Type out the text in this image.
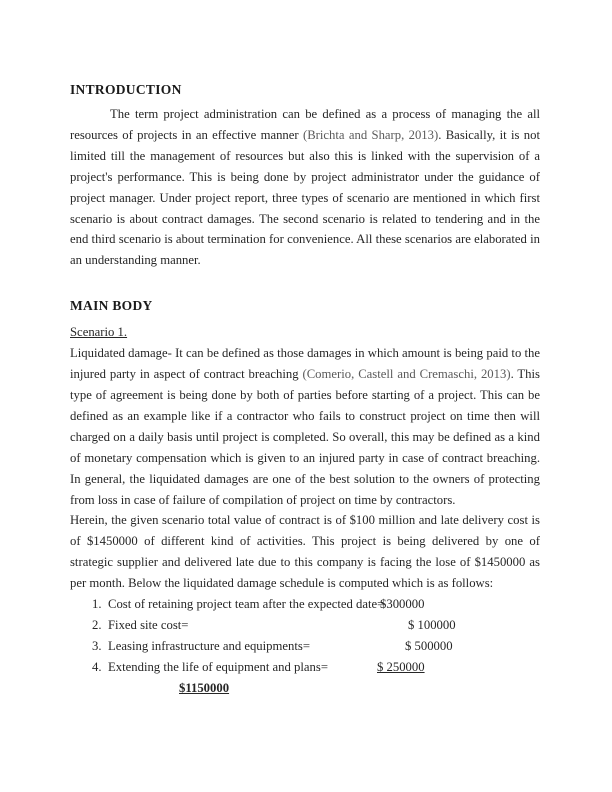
INTRODUCTION

The term project administration can be defined as a process of managing the all resources of projects in an effective manner (Brichta and Sharp, 2013). Basically, it is not limited till the management of resources but also this is linked with the supervision of a project's performance. This is being done by project administrator under the guidance of project manager. Under project report, three types of scenario are mentioned in which first scenario is about contract damages. The second scenario is related to tendering and in the end third scenario is about termination for convenience. All these scenarios are elaborated in an understanding manner.

MAIN BODY
Scenario 1.

Liquidated damage- It can be defined as those damages in which amount is being paid to the injured party in aspect of contract breaching (Comerio, Castell and Cremaschi, 2013). This type of agreement is being done by both of parties before starting of a project. This can be defined as an example like if a contractor who fails to construct project on time then will charged on a daily basis until project is completed. So overall, this may be defined as a kind of monetary compensation which is given to an injured party in case of contract breaching. In general, the liquidated damages are one of the best solution to the owners of protecting from loss in case of failure of compilation of project on time by contractors.

Herein, the given scenario total value of contract is of $100 million and late delivery cost is of $1450000 of different kind of activities. This project is being delivered by one of strategic supplier and delivered late due to this company is facing the lose of $1450000 as per month. Below the liquidated damage schedule is computed which is as follows:

1. Cost of retaining project team after the expected date=
$300000
2. Fixed site cost=	$ 100000
3. Leasing infrastructure and equipments=	$ 500000
4. Extending the life of equipment and plans=	$ 250000
$1150000
